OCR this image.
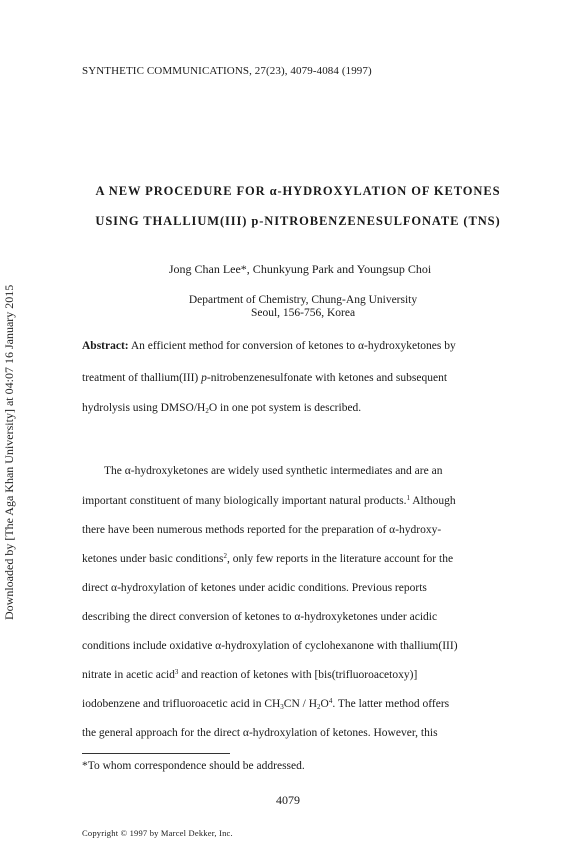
SYNTHETIC COMMUNICATIONS, 27(23), 4079-4084 (1997)
Downloaded by [The Aga Khan University] at 04:07 16 January 2015
A NEW PROCEDURE FOR α-HYDROXYLATION OF KETONES
USING THALLIUM(III) p-NITROBENZENESULFONATE (TNS)
Jong Chan Lee*, Chunkyung Park and Youngsup Choi
Department of Chemistry, Chung-Ang University
Seoul, 156-756, Korea
Abstract: An efficient method for conversion of ketones to α-hydroxyketones by
treatment of thallium(III) p-nitrobenzenesulfonate with ketones and subsequent
hydrolysis using DMSO/$H_2O$ in one pot system is described.
The α-hydroxyketones are widely used synthetic intermediates and are an
important constituent of many biologically important natural products.$^1$ Although
there have been numerous methods reported for the preparation of α-hydroxy-
ketones under basic conditions$^2$, only few reports in the literature account for the
direct α-hydroxylation of ketones under acidic conditions. Previous reports
describing the direct conversion of ketones to α-hydroxyketones under acidic
conditions include oxidative α-hydroxylation of cyclohexanone with thallium(III)
nitrate in acetic acid$^3$ and reaction of ketones with [bis(trifluoroacetoxy)]
iodobenzene and trifluoroacetic acid in $CH_3CN / H_2O^4$. The latter method offers
the general approach for the direct α-hydroxylation of ketones. However, this
*To whom correspondence should be addressed.
4079
Copyright © 1997 by Marcel Dekker, Inc.
